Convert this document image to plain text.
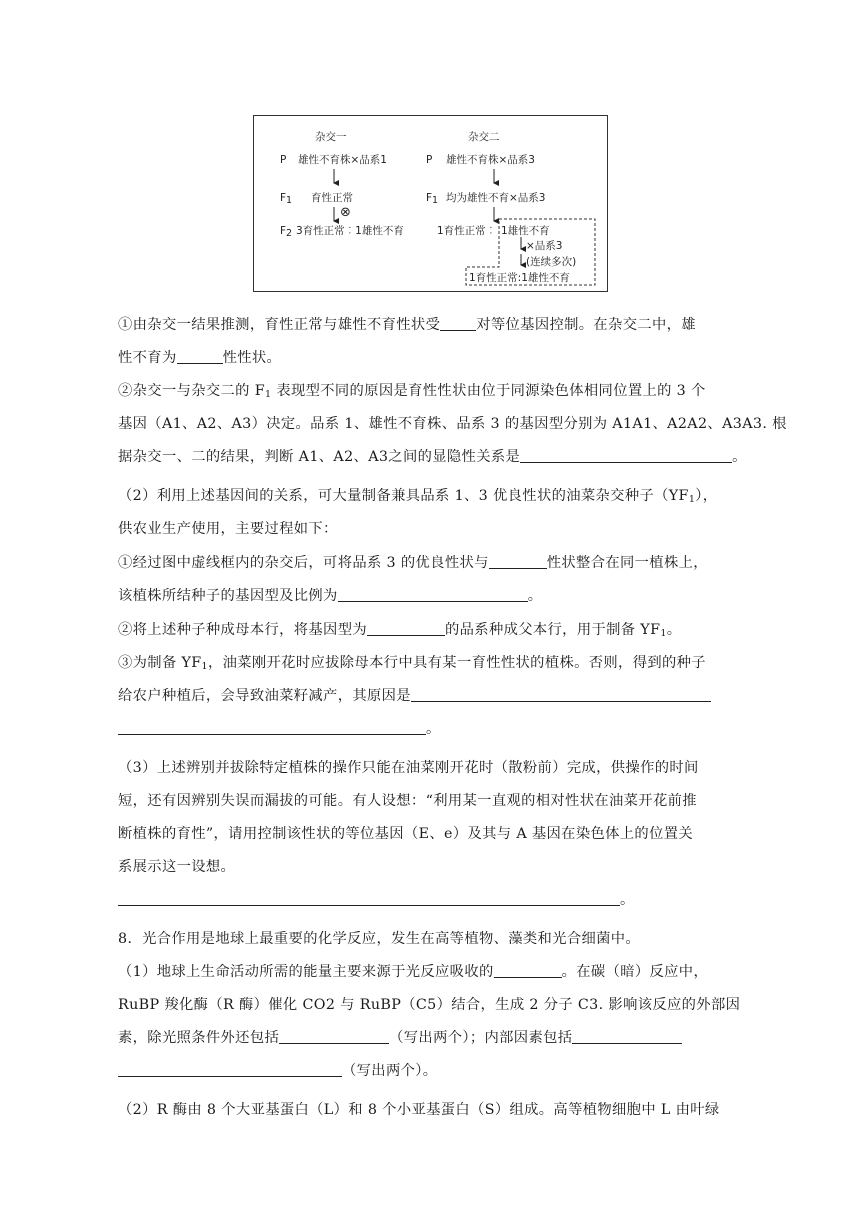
杂交一	杂交二
P 雄性不育株×品系1	P 雄性不育株×品系3
$F_1$ 育性正常	$F_1$ 均为雄性不育×品系3
⊗
$F_2$ 3育性正常︰1雄性不育	1育性正常︰ 1雄性不育
×品系3
(连续多次)
1育性正常:1雄性不育
①由杂交一结果推测，育性正常与雄性不育性状受	对等位基因控制。在杂交二中，雄
性不育为	性性状。
②杂交一与杂交二的 $F_1$ 表现型不同的原因是育性性状由位于同源染色体相同位置上的 3 个
基因（A1、A2、A3）决定。品系 1、雄性不育株、品系 3 的基因型分别为 A1A1、A2A2、A3A3. 根
据杂交一、二的结果，判断 A1、A2、A3之间的显隐性关系是	。
（2）利用上述基因间的关系，可大量制备兼具品系 1、3 优良性状的油菜杂交种子$(YF_1)$，
供农业生产使用，主要过程如下：
①经过图中虚线框内的杂交后，可将品系 3 的优良性状与	性状整合在同一植株上，
该植株所结种子的基因型及比例为	。
②将上述种子种成母本行，将基因型为	的品系种成父本行，用于制备 $YF_1$。
③为制备 $YF_1$，油菜刚开花时应拔除母本行中具有某一育性性状的植株。否则，得到的种子
给农户种植后，会导致油菜籽减产，其原因是
。
（3）上述辨别并拔除特定植株的操作只能在油菜刚开花时（散粉前）完成，供操作的时间
短，还有因辨别失误而漏拔的可能。有人设想：“利用某一直观的相对性状在油菜开花前推
断植株的育性”，请用控制该性状的等位基因（E、e）及其与 A 基因在染色体上的位置关
系展示这一设想。
。
8．光合作用是地球上最重要的化学反应，发生在高等植物、藻类和光合细菌中。
（1）地球上生命活动所需的能量主要来源于光反应吸收的	。在碳（暗）反应中，
RuBP 羧化酶（R 酶）催化 CO2 与 RuBP（C5）结合，生成 2 分子 C3. 影响该反应的外部因
素，除光照条件外还包括	（写出两个）；内部因素包括
（写出两个）。
（2）R 酶由 8 个大亚基蛋白（L）和 8 个小亚基蛋白（S）组成。高等植物细胞中 L 由叶绿
